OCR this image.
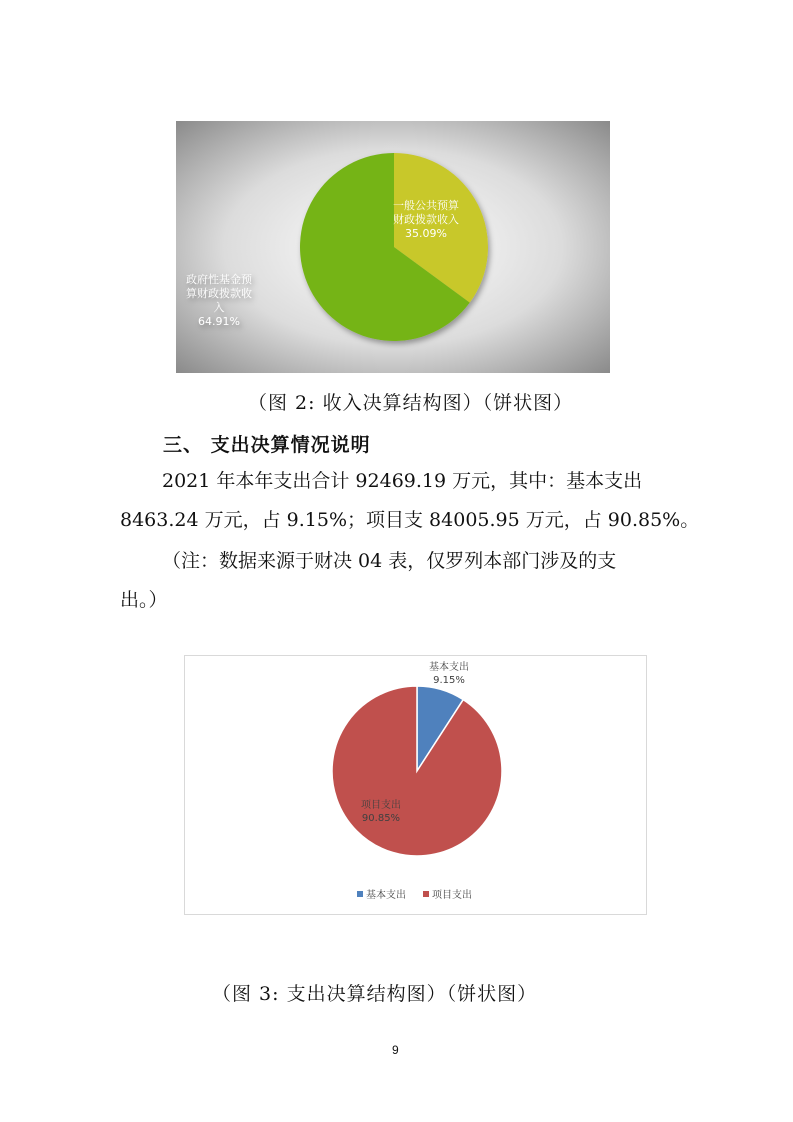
一般公共预算财政拨款收入 35.09%
政府性基金预算财政拨款收入 64.91%
（图 2: 收入决算结构图）（饼状图）
三、 支出决算情况说明
2021 年本年支出合计 92469.19 万元，其中：基本支出
8463.24 万元，占 9.15%；项目支 84005.95 万元，占 90.85%。
（注：数据来源于财决 04 表，仅罗列本部门涉及的支
出。）
基本支出 9.15%
项目支出 90.85%
基本支出	项目支出
（图 3: 支出决算结构图）（饼状图）
9
